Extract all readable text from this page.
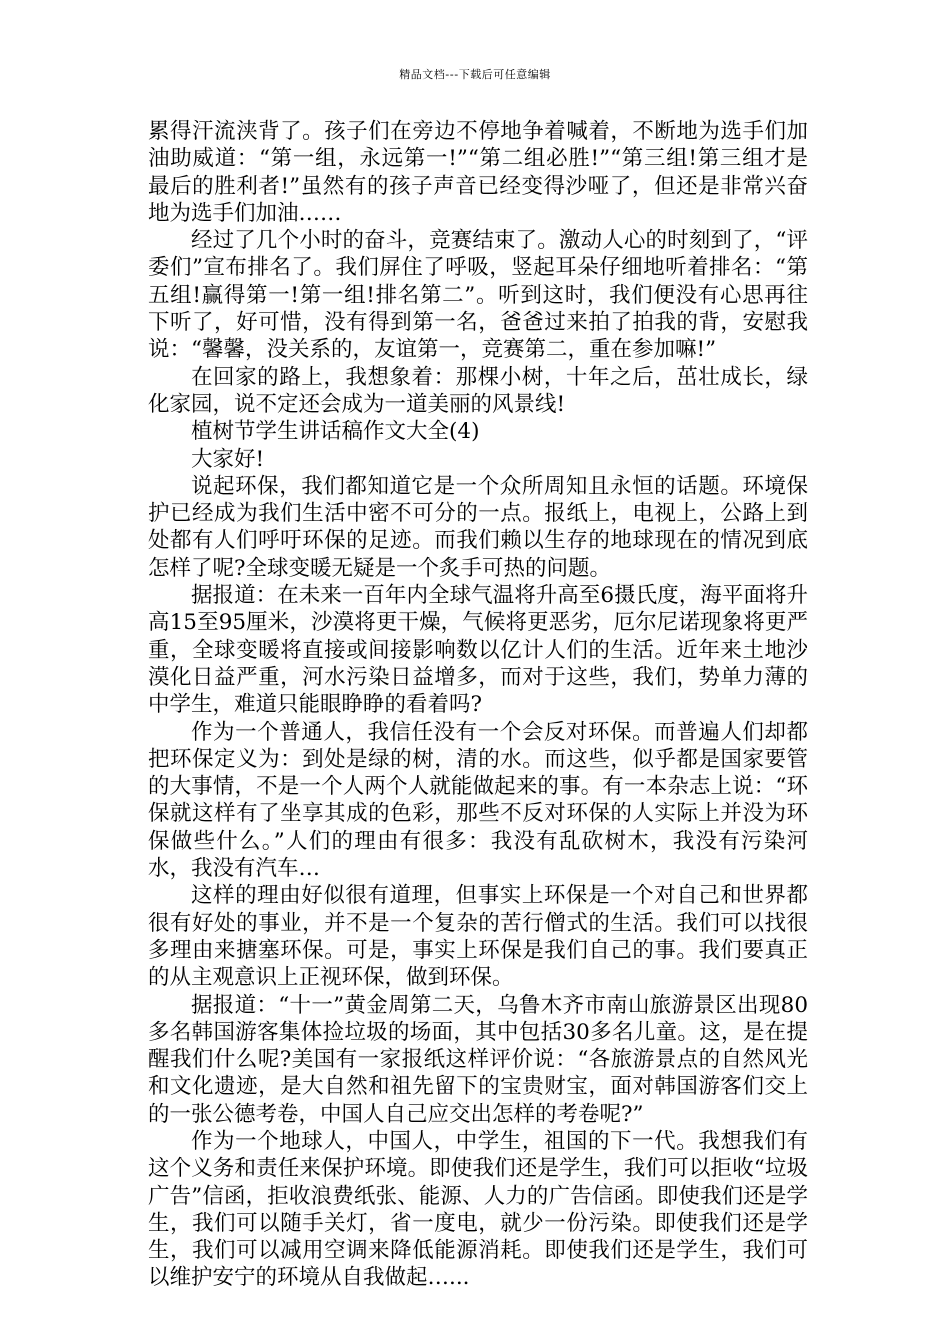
精品文档---下载后可任意编辑

累得汗流浃背了。孩子们在旁边不停地争着喊着，不断地为选手们加油助威道：“第一组，永远第一!”“第二组必胜!”“第三组!第三组才是最后的胜利者!”虽然有的孩子声音已经变得沙哑了，但还是非常兴奋地为选手们加油……

经过了几个小时的奋斗，竞赛结束了。激动人心的时刻到了，“评委们”宣布排名了。我们屏住了呼吸，竖起耳朵仔细地听着排名：“第五组!赢得第一!第一组!排名第二”。听到这时，我们便没有心思再往下听了，好可惜，没有得到第一名，爸爸过来拍了拍我的背，安慰我说：“馨馨，没关系的，友谊第一，竞赛第二，重在参加嘛!”

在回家的路上，我想象着：那棵小树，十年之后，茁壮成长，绿化家园，说不定还会成为一道美丽的风景线!

植树节学生讲话稿作文大全(4)

大家好!

说起环保，我们都知道它是一个众所周知且永恒的话题。环境保护已经成为我们生活中密不可分的一点。报纸上，电视上，公路上到处都有人们呼吁环保的足迹。而我们赖以生存的地球现在的情况到底怎样了呢?全球变暖无疑是一个炙手可热的问题。

据报道：在未来一百年内全球气温将升高至6摄氏度，海平面将升高15至95厘米，沙漠将更干燥，气候将更恶劣，厄尔尼诺现象将更严重，全球变暖将直接或间接影响数以亿计人们的生活。近年来土地沙漠化日益严重，河水污染日益增多，而对于这些，我们，势单力薄的中学生，难道只能眼睁睁的看着吗?

作为一个普通人，我信任没有一个会反对环保。而普遍人们却都把环保定义为：到处是绿的树，清的水。而这些，似乎都是国家要管的大事情，不是一个人两个人就能做起来的事。有一本杂志上说：“环保就这样有了坐享其成的色彩，那些不反对环保的人实际上并没为环保做些什么。”人们的理由有很多：我没有乱砍树木，我没有污染河水，我没有汽车…

这样的理由好似很有道理，但事实上环保是一个对自己和世界都很有好处的事业，并不是一个复杂的苦行僧式的生活。我们可以找很多理由来搪塞环保。可是，事实上环保是我们自己的事。我们要真正的从主观意识上正视环保，做到环保。

据报道：“十一”黄金周第二天，乌鲁木齐市南山旅游景区出现80多名韩国游客集体捡垃圾的场面，其中包括30多名儿童。这，是在提醒我们什么呢?美国有一家报纸这样评价说：“各旅游景点的自然风光和文化遗迹，是大自然和祖先留下的宝贵财宝，面对韩国游客们交上的一张公德考卷，中国人自己应交出怎样的考卷呢?”

作为一个地球人，中国人，中学生，祖国的下一代。我想我们有这个义务和责任来保护环境。即使我们还是学生，我们可以拒收“垃圾广告”信函，拒收浪费纸张、能源、人力的广告信函。即使我们还是学生，我们可以随手关灯，省一度电，就少一份污染。即使我们还是学生，我们可以减用空调来降低能源消耗。即使我们还是学生，我们可以维护安宁的环境从自我做起…...
